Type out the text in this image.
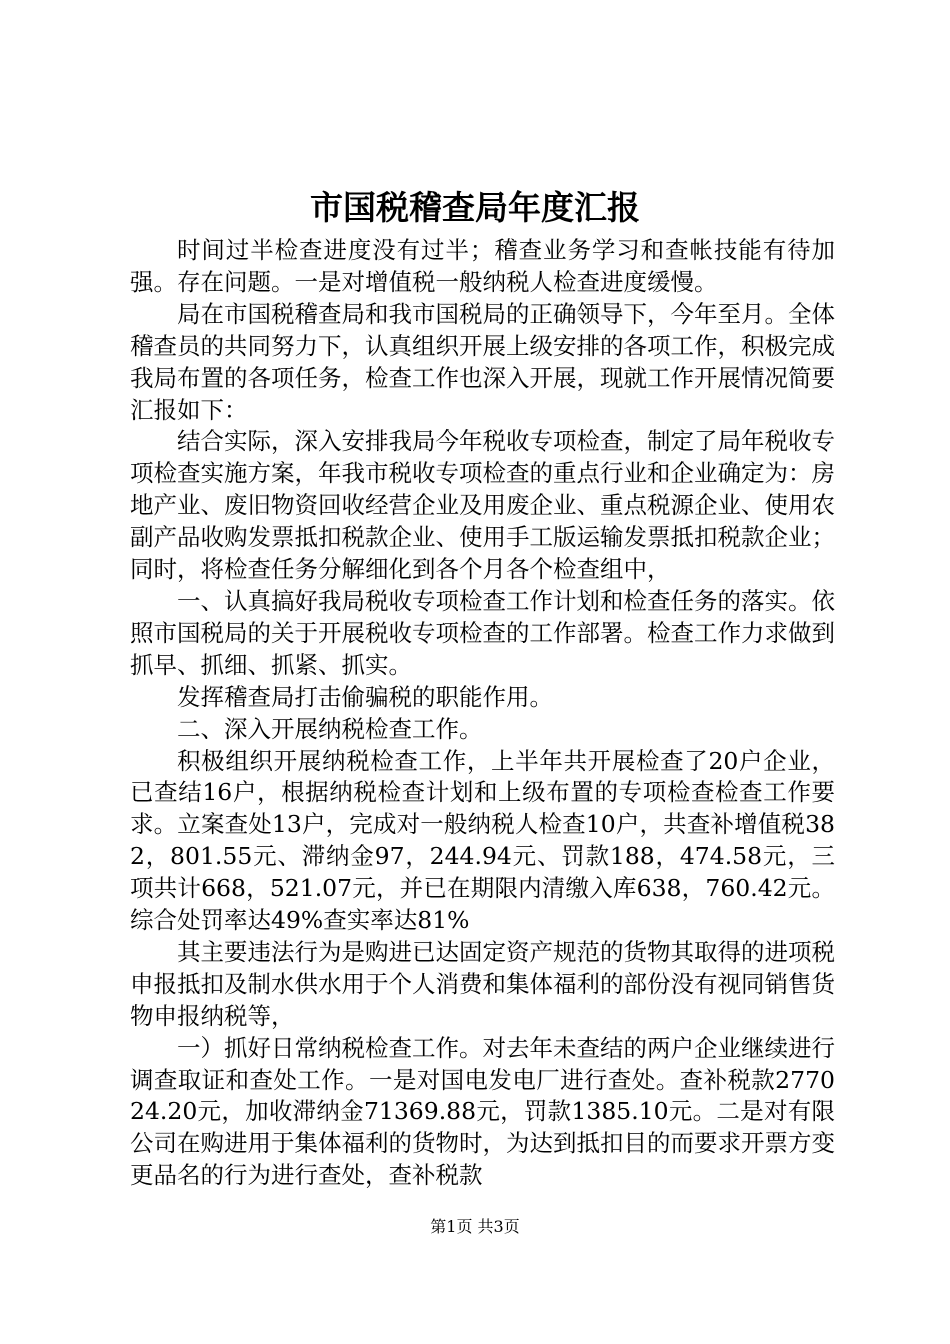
市国税稽查局年度汇报

时间过半检查进度没有过半；稽查业务学习和查帐技能有待加强。存在问题。一是对增值税一般纳税人检查进度缓慢。

局在市国税稽查局和我市国税局的正确领导下，今年至月。全体稽查员的共同努力下，认真组织开展上级安排的各项工作，积极完成我局布置的各项任务，检查工作也深入开展，现就工作开展情况简要汇报如下：

结合实际，深入安排我局今年税收专项检查，制定了局年税收专项检查实施方案，年我市税收专项检查的重点行业和企业确定为：房地产业、废旧物资回收经营企业及用废企业、重点税源企业、使用农副产品收购发票抵扣税款企业、使用手工版运输发票抵扣税款企业；同时，将检查任务分解细化到各个月各个检查组中，

一、认真搞好我局税收专项检查工作计划和检查任务的落实。依照市国税局的关于开展税收专项检查的工作部署。检查工作力求做到抓早、抓细、抓紧、抓实。

发挥稽查局打击偷骗税的职能作用。

二、深入开展纳税检查工作。

积极组织开展纳税检查工作，上半年共开展检查了20户企业，已查结16户，根据纳税检查计划和上级布置的专项检查检查工作要求。立案查处13户，完成对一般纳税人检查10户，共查补增值税382，801.55元、滞纳金97，244.94元、罚款188，474.58元，三项共计668，521.07元，并已在期限内清缴入库638，760.42元。综合处罚率达49%查实率达81%

其主要违法行为是购进已达固定资产规范的货物其取得的进项税申报抵扣及制水供水用于个人消费和集体福利的部份没有视同销售货物申报纳税等，

一）抓好日常纳税检查工作。对去年未查结的两户企业继续进行调查取证和查处工作。一是对国电发电厂进行查处。查补税款277024.20元，加收滞纳金71369.88元，罚款1385.10元。二是对有限公司在购进用于集体福利的货物时，为达到抵扣目的而要求开票方变更品名的行为进行查处，查补税款

第1页 共3页
